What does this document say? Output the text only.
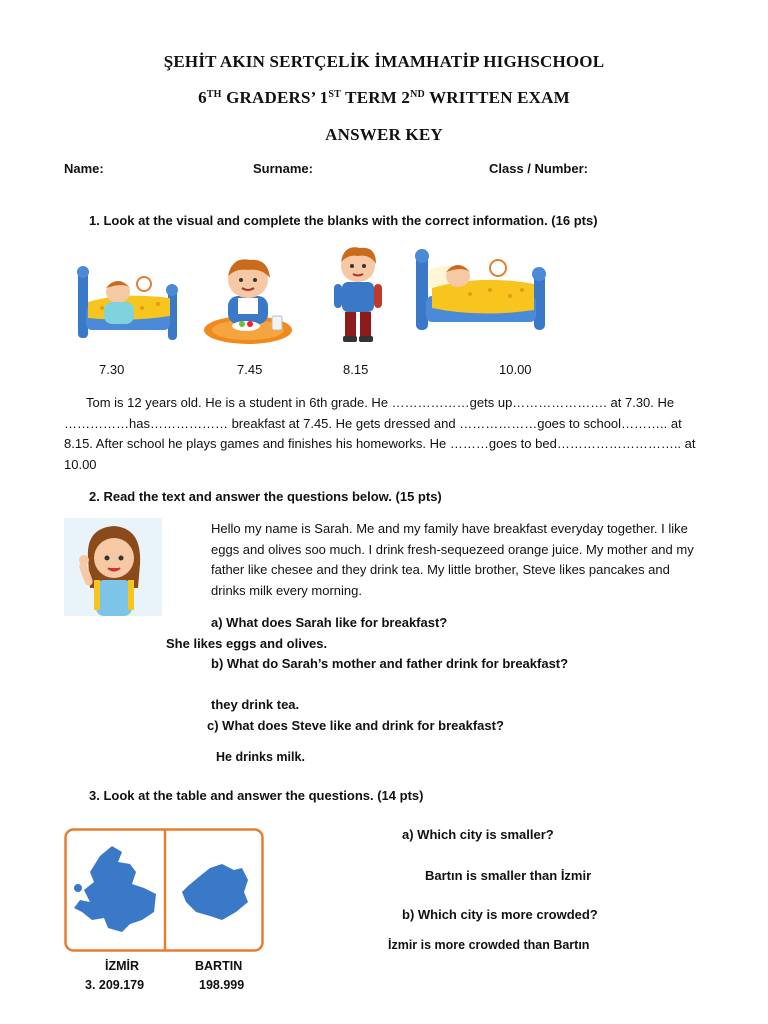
ŞEHİT AKIN SERTÇELİK İMAMHATİP HIGHSCHOOL
6TH GRADERS’ 1ST TERM 2ND WRITTEN EXAM
ANSWER KEY
Name:	Surname:	Class / Number:
1. Look at the visual and complete the blanks with the correct information. (16 pts)
7.30	7.45	8.15	10.00
Tom is 12 years old. He is a student in 6th grade. He ………………gets up…………………. at 7.30. He ……………has……………… breakfast at 7.45. He gets dressed and ………………goes to school……….. at 8.15. After school he plays games and finishes his homeworks. He ………goes to bed……………………….. at 10.00
2. Read the text and answer the questions below. (15 pts)
Hello my name is Sarah. Me and my family have breakfast everyday together. I like eggs and olives soo much. I drink fresh-sequezeed orange juice. My mother and my father like chesee and they drink tea. My little brother, Steve likes pancakes and drinks milk every morning.
a) What does Sarah like for breakfast?
She likes eggs and olives.
b) What do Sarah’s mother and father drink for breakfast?
they drink tea.
c) What does Steve like and drink for breakfast?
He drinks milk.
3. Look at the table and answer the questions. (14 pts)
İZMİR	BARTIN
3. 209.179	198.999
a) Which city is smaller?
Bartın is smaller than İzmir
b) Which city is more crowded?
İzmir is more crowded than Bartın
